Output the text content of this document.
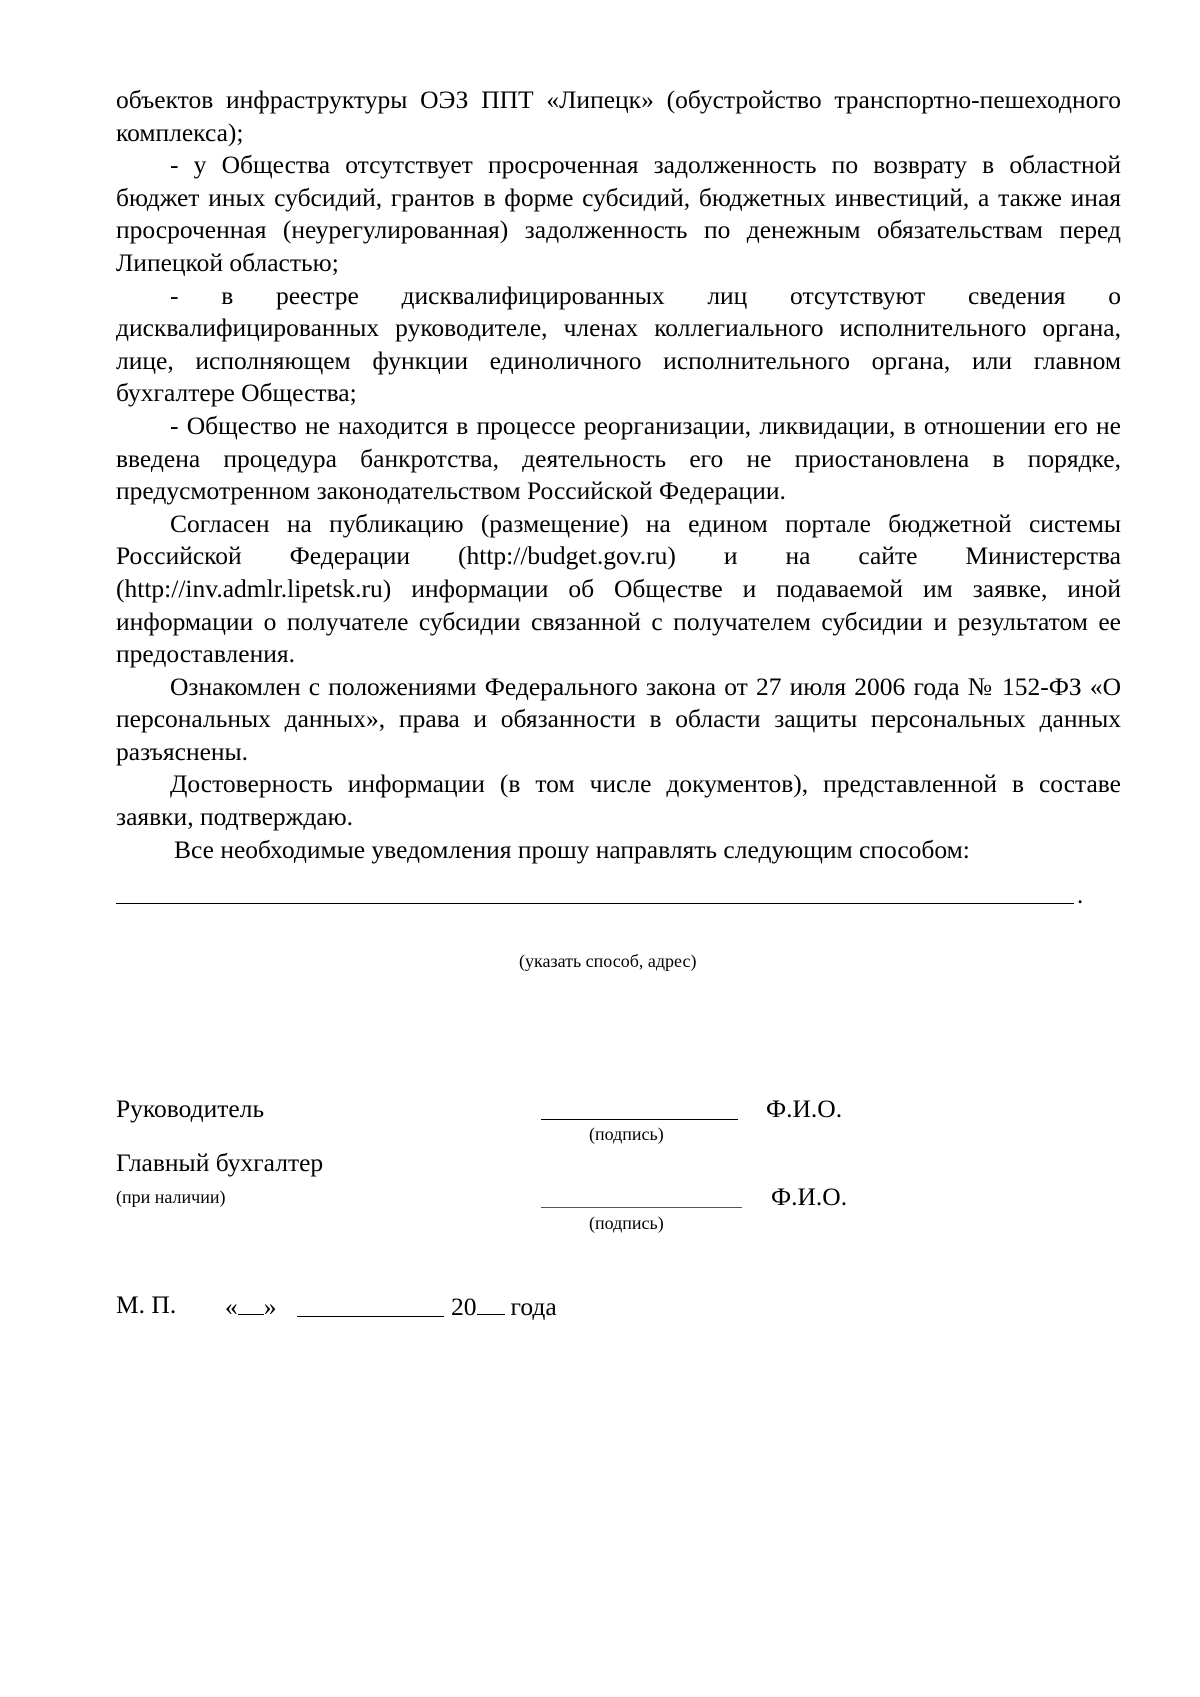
объектов инфраструктуры ОЭЗ ППТ «Липецк» (обустройство транспортно-пешеходного комплекса);

- у Общества отсутствует просроченная задолженность по возврату в областной бюджет иных субсидий, грантов в форме субсидий, бюджетных инвестиций, а также иная просроченная (неурегулированная) задолженность по денежным обязательствам перед Липецкой областью;

- в реестре дисквалифицированных лиц отсутствуют сведения о дисквалифицированных руководителе, членах коллегиального исполнительного органа, лице, исполняющем функции единоличного исполнительного органа, или главном бухгалтере Общества;

- Общество не находится в процессе реорганизации, ликвидации, в отношении его не введена процедура банкротства, деятельность его не приостановлена в порядке, предусмотренном законодательством Российской Федерации.

Согласен на публикацию (размещение) на едином портале бюджетной системы Российской Федерации (http://budget.gov.ru) и на сайте Министерства (http://inv.admlr.lipetsk.ru) информации об Обществе и подаваемой им заявке, иной информации о получателе субсидии связанной с получателем субсидии и результатом ее предоставления.

Ознакомлен с положениями Федерального закона от 27 июля 2006 года № 152-ФЗ «О персональных данных», права и обязанности в области защиты персональных данных разъяснены.

Достоверность информации (в том числе документов), представленной в составе заявки, подтверждаю.

Все необходимые уведомления прошу направлять следующим способом:

.
(указать способ, адрес)
Руководитель	Ф.И.О.
(подпись)
Главный бухгалтер
(при наличии)	Ф.И.О.
(подпись)
М. П. « »	20 года
